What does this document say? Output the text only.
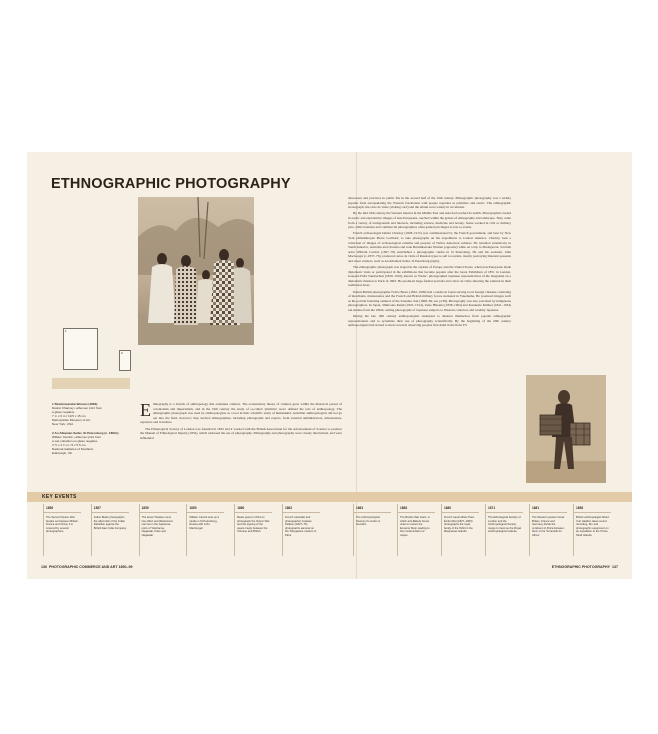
ETHNOGRAPHIC PHOTOGRAPHY
1
2
1 Betsimisaraka Women (1863)
Désiré Charnay • albumen print from
a glass negative
7 ¾ x 6 in / 19.5 x 15 cm
Metropolitan Museum of Art,
New York, USA
2 An Albanian Seller, St Petersburg (c. 1860s)
William Carrick • albumen print from
a wet collodion on glass negative
3 ½ x 2 ¼ in / 9 x 5.5 cm
National Galleries of Scotland,
Edinburgh, UK

Ethnography is a branch of anthropology that examines cultures. The evolutionary theory of cultures grew within the historical period of colonialism and imperialism, and in the 19th century the study of so-called 'primitive races' defined the role of anthropology. The ethnographic photograph was used by anthropologists as a tool in their scientific study of humankind. Armchair anthropologists did not go out into the field, however; they derived ethnographies, including photographs and reports, from external administrators, missionaries, explorers and travellers.

The Ethnological Society of London was founded in 1843 and it worked with the British Association for the Advancement of Science to produce the Manual of Ethnological Inquiry (1852), which endorsed the use of photography. Ethnography and photography were closely intertwined, and were influential

discourses and practices in public life in the second half of the 19th century. Ethnographic photography was a widely popular form encapsulating the Western fascination with people regarded as primitive and exotic. The ethnographic stereograph, the carte de visite (visiting card) and the album were widely in circulation.

By the mid 19th century the Western interest in the Middle East and Asia had reached its zenith. Photographers traded in exotic and exploitative images of non-Europeans, touched within the genres of ethnography and landscape. They came from a variety of backgrounds and interests, including science, medicine and botany. Some worked in civil or military jobs, while business and commercial photographers often gained privileged access to events.

French archaeologist Désiré Charnay (1828–1915) was commissioned by the French government, and later by New York philanthropist Pierre Lorillard, to take photographs on his expeditions to Central America. Charnay took a collection of images of archaeological remains and peoples of Native American cultures. He travelled extensively in South America, Australia and Oceania and took Betsimisaraka Women (opposite) while on a trip to Madagascar. Scottish artist William Carrick (1827–78) established a photographic studio in St Petersburg. He and his assistant, John MacGregor (c.1837–76), produced cartes de visite of Russian types to sell to tourists, mostly portraying itinerant peasants and street vendors, such as An Albanian Seller, St Petersburg (right).

The ethnographic photograph was staged in the capitals of Europe and the United States, when non-Europeans made diplomatic visits or participated in the exhibitions that became popular after the Great Exhibition of 1851 in London. Gaspard-Félix Tournachon (1820–1910), known as 'Nadar', photographed Japanese representatives of the shogunate on a diplomatic mission to Paris in 1863. He produced large-format portraits and cartes de visite showing the samurai in their traditional dress.

Italian-British photographer Felice Beato (1832–1909) had a studio in Japan serving local foreign clientele consisting of merchants, missionaries and the French and British military forces stationed in Yokohama. He produced images such as his portrait featuring samurai of the Satsuma clan (1868–69; see p138). Photography was also practised by indigenous photographers. In Japan, Shimooka Renjō (1823–1914), Ueno Hikoma (1838–1904) and Kusakabe Kimbei (1841–1934) ran studios from the 1860s, selling photographs of Japanese subjects to Western collectors and wealthy Japanese.

During the late 19th century anthropologists attempted to distance themselves from popular ethnographic representations and to systemize their use of photography scientifically. By the beginning of the 20th century anthropologists had started to move towards observing peoples first-hand in the field. ES

KEY EVENTS
1856
The Second Opium War breaks out between Britain, France and China; it is covered by several photographers.
1857
Felice Beato photographs the aftermath of the Indian Rebellion against the British East India Company.
1859
The Ansei Treaties come into effect and Westerners can live in the Japanese ports of Yokohama, Nagasaki, Kobe and Nagasaki.
1859
William Carrick sets up a studio in St Petersburg, Russia with John MacGregor.
1860
Beato goes to China to photograph the Opium War and the signing of the peace treaty between the Chinese and British.
1862
French naturalist and photographer Gustave Pellieux (1827–76) photographs samurai on the Tokugawa's mission to Paris.
1863
The Anthropological Society of London is founded.
1868
The Boshin War starts, in which anti-Bakufu forces unite to restore the Emperor Meiji, leading to the modernization of Japan.
1880
French naval officer Paul-Émile Miot (1827–1900) photographs the royal family of the Tahiti in the Marquesas Islands.
1871
The Ethnological Society of London and the Anthropological Society merge to become the Royal Anthropological Institute.
1881
The Western powers Great Britain, France and Germany divide the continent of Africa between them in the 'Scramble for Africa'.
1898
British anthropologist Alfred Cort Haddon takes sound recording, film and photographic equipment on an expedition to the Torres Strait Islands.
136 PHOTOGRAPHIC COMMERCE AND ART 1850–99	ETHNOGRAPHIC PHOTOGRAPHY 137
